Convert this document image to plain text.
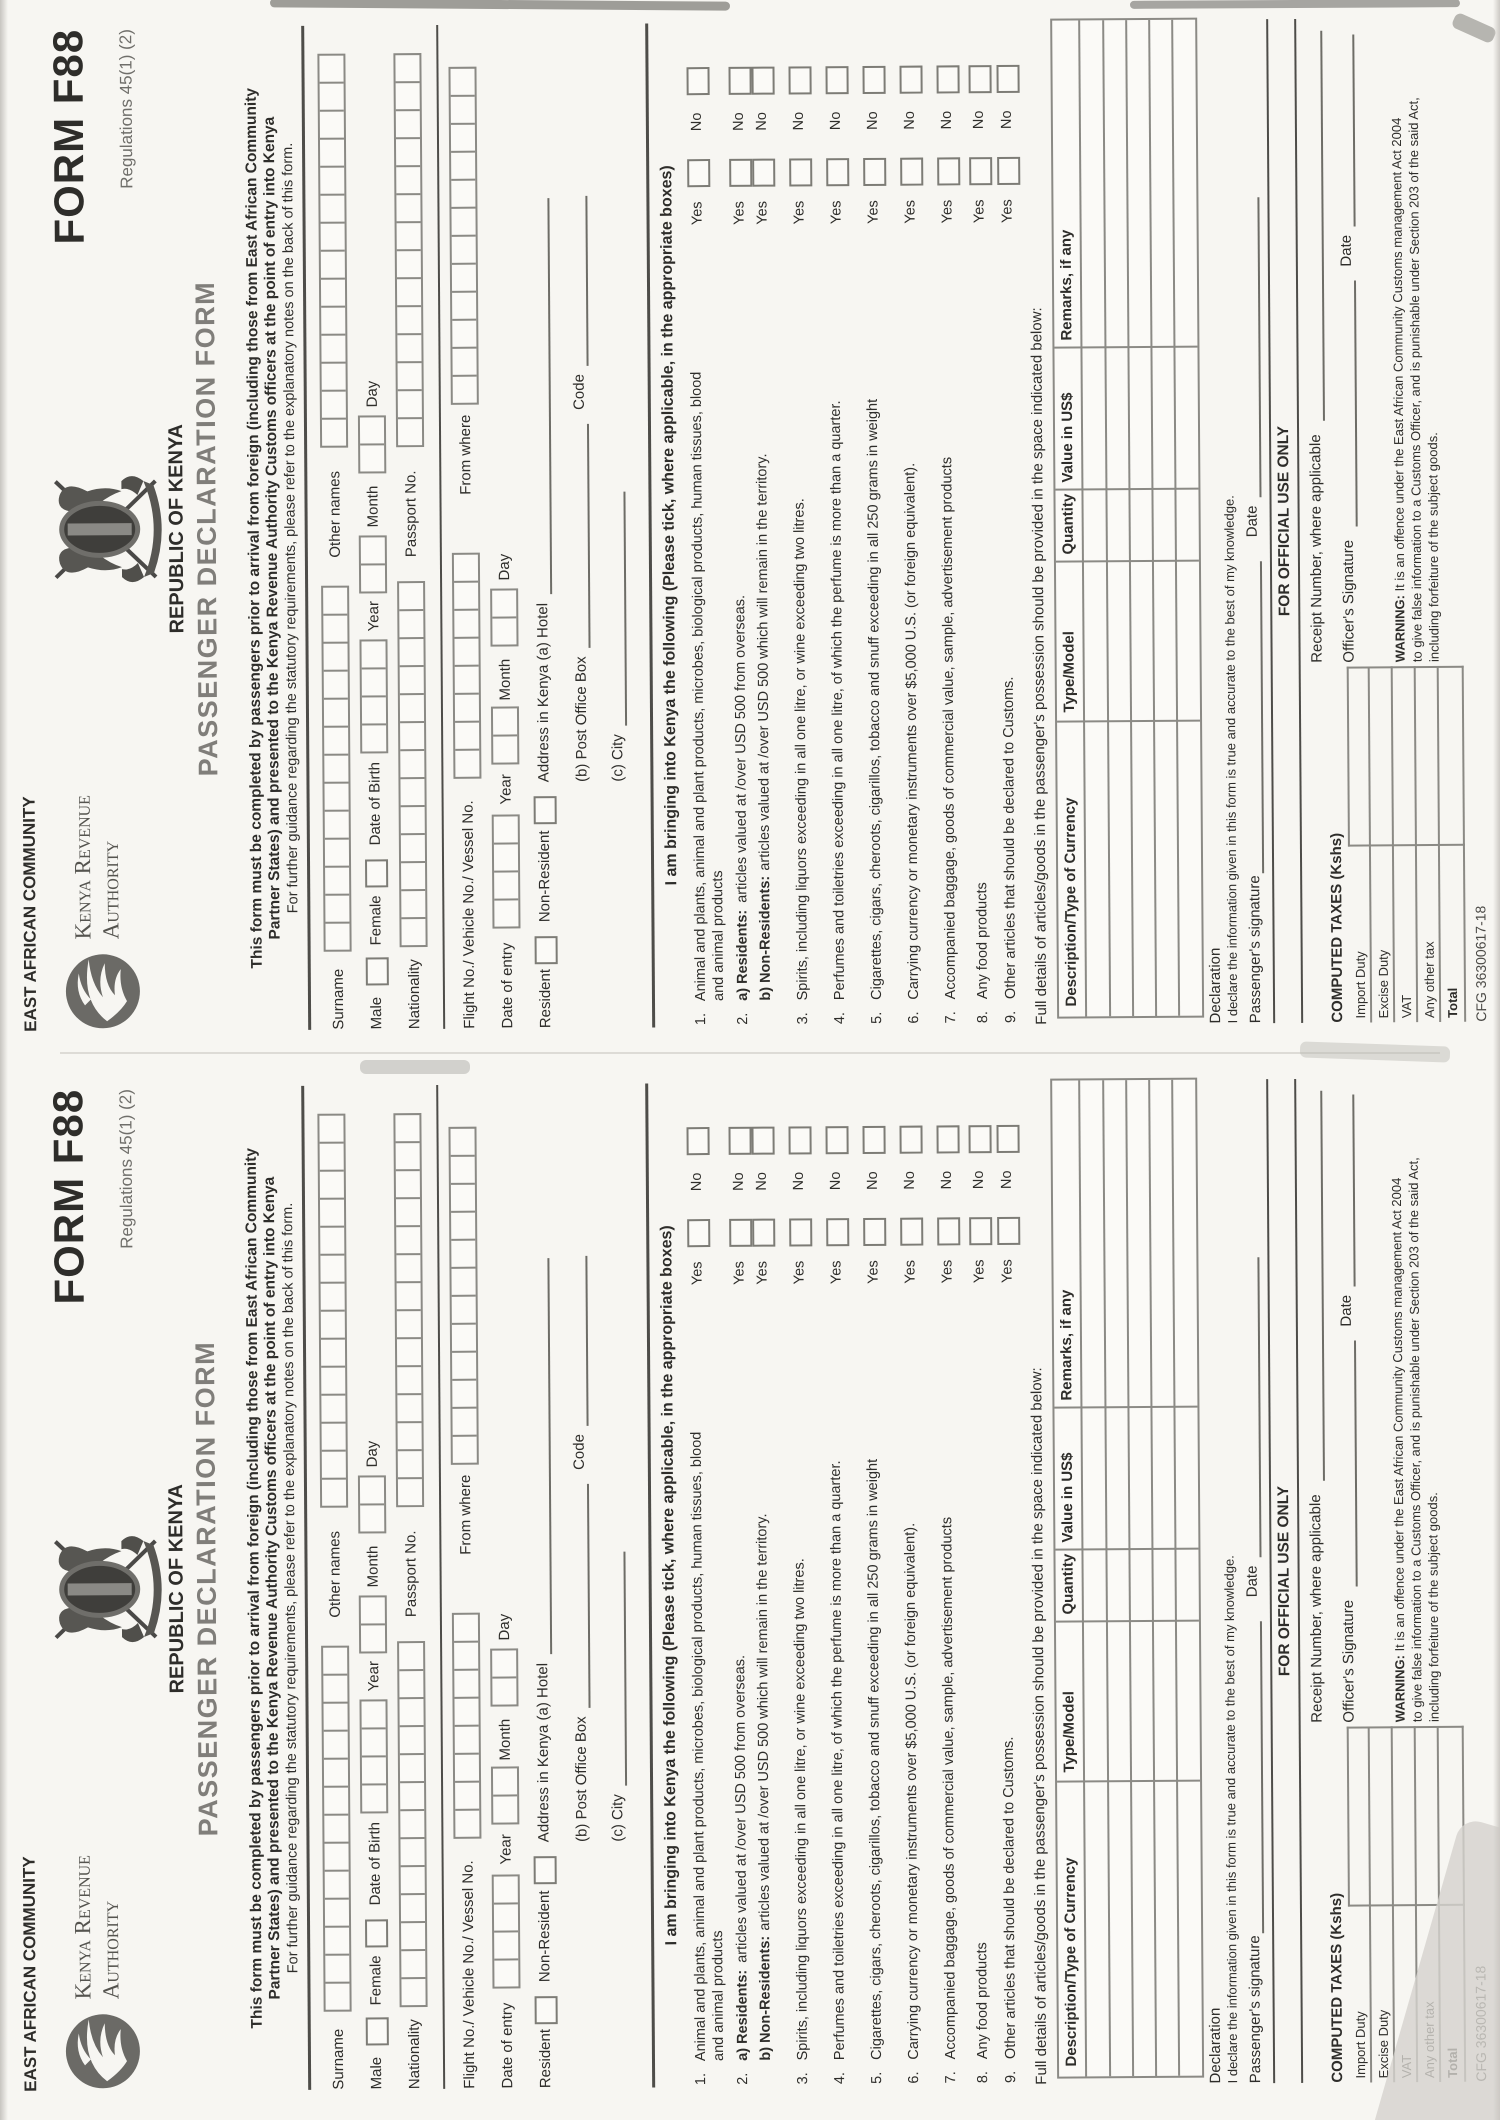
EAST AFRICAN COMMUNITY Kenya Revenue Authority
REPUBLIC OF KENYA PASSENGER DECLARATION FORM
FORM F88 Regulations 45(1) (2)	This form must be completed by passengers prior to arrival from foreign (including those from East African Community
Partner States) and presented to the Kenya Revenue Authority Customs officers at the point of entry into Kenya
For further guidance regarding the statutory requirements, please refer to the explanatory notes on the back of this form.
Surname
Other names
Male
Female
Date of Birth
Year
Month
Day
Nationality
Passport No.
Flight No./ Vehicle No./ Vessel No.
From where
Date of entry
Year
Month
Day
Resident
Non-Resident
Address in Kenya (a) Hotel (b) Post Office Box
Code
(c) City I am bringing into Kenya the following (Please tick, where applicable, in the appropriate boxes)
1.
Animal and plants, animal and plant products, microbes, biological products, human tissues, blood
Yes
No
and animal products
2.
a) Residents:
articles valued at /over USD 500 from overseas.
Yes
No
b) Non-Residents:
articles valued at /over USD 500 which will remain in the territory.
Yes
No
3.
Spirits, including liquors exceeding in all one litre, or wine exceeding two litres.
Yes
No
4.
Perfumes and toiletries exceeding in all one litre, of which the perfume is more than a quarter.
Yes
No
5.
Cigarettes, cigars, cheroots, cigarillos, tobacco and snuff exceeding in all 250 grams in weight
Yes
No
6.
Carrying currency or monetary instruments over $5,000 U.S. (or foreign equivalent).
Yes
No
7.
Accompanied baggage, goods of commercial value, sample, advertisement products
Yes
No
8.
Any food products
Yes
No
9.
Other articles that should be declared to Customs.
Yes
No
Full details of articles/goods in the passenger's possession should be provided in the space indicated below: Description/Type of Currency
Type/Model
Quantity
Value in US$
Remarks, if any
Declaration
I declare the information given in this form is true and accurate to the best of my knowledge. Passenger's signature
Date FOR OFFICIAL USE ONLY Receipt Number, where applicable Officer's Signature
Date
COMPUTED TAXES (Kshs) Import Duty Excise Duty VAT Any other tax Total
WARNING: It is an offence under the East African Community Customs management Act 2004
to give false information to a Customs Officer, and is punishable under Section 203 of the said Act, including forfeiture of the subject goods.
CFG 36300617-18
EAST AFRICAN COMMUNITY Kenya Revenue Authority
REPUBLIC OF KENYA PASSENGER DECLARATION FORM
FORM F88 Regulations 45(1) (2)	This form must be completed by passengers prior to arrival from foreign (including those from East African Community
Partner States) and presented to the Kenya Revenue Authority Customs officers at the point of entry into Kenya
For further guidance regarding the statutory requirements, please refer to the explanatory notes on the back of this form.
Surname
Other names
Male
Female
Date of Birth
Year
Month
Day
Nationality
Passport No.
Flight No./ Vehicle No./ Vessel No.
From where
Date of entry
Year
Month
Day
Resident
Non-Resident
Address in Kenya (a) Hotel (b) Post Office Box
Code
(c) City I am bringing into Kenya the following (Please tick, where applicable, in the appropriate boxes)
1.
Animal and plants, animal and plant products, microbes, biological products, human tissues, blood
Yes
No
and animal products
2.
a) Residents:
articles valued at /over USD 500 from overseas.
Yes
No
b) Non-Residents:
articles valued at /over USD 500 which will remain in the territory.
Yes
No
3.
Spirits, including liquors exceeding in all one litre, or wine exceeding two litres.
Yes
No
4.
Perfumes and toiletries exceeding in all one litre, of which the perfume is more than a quarter.
Yes
No
5.
Cigarettes, cigars, cheroots, cigarillos, tobacco and snuff exceeding in all 250 grams in weight
Yes
No
6.
Carrying currency or monetary instruments over $5,000 U.S. (or foreign equivalent).
Yes
No
7.
Accompanied baggage, goods of commercial value, sample, advertisement products
Yes
No
8.
Any food products
Yes
No
9.
Other articles that should be declared to Customs.
Yes
No
Full details of articles/goods in the passenger's possession should be provided in the space indicated below: Description/Type of Currency
Type/Model
Quantity
Value in US$
Remarks, if any
Declaration
I declare the information given in this form is true and accurate to the best of my knowledge. Passenger's signature
Date FOR OFFICIAL USE ONLY Receipt Number, where applicable Officer's Signature
Date
COMPUTED TAXES (Kshs) Import Duty Excise Duty
WARNING: It is an offence under the East African Community Customs management Act 2004
to give false information to a Customs Officer, and is punishable under Section 203 of the said Act, including forfeiture of the subject goods.
